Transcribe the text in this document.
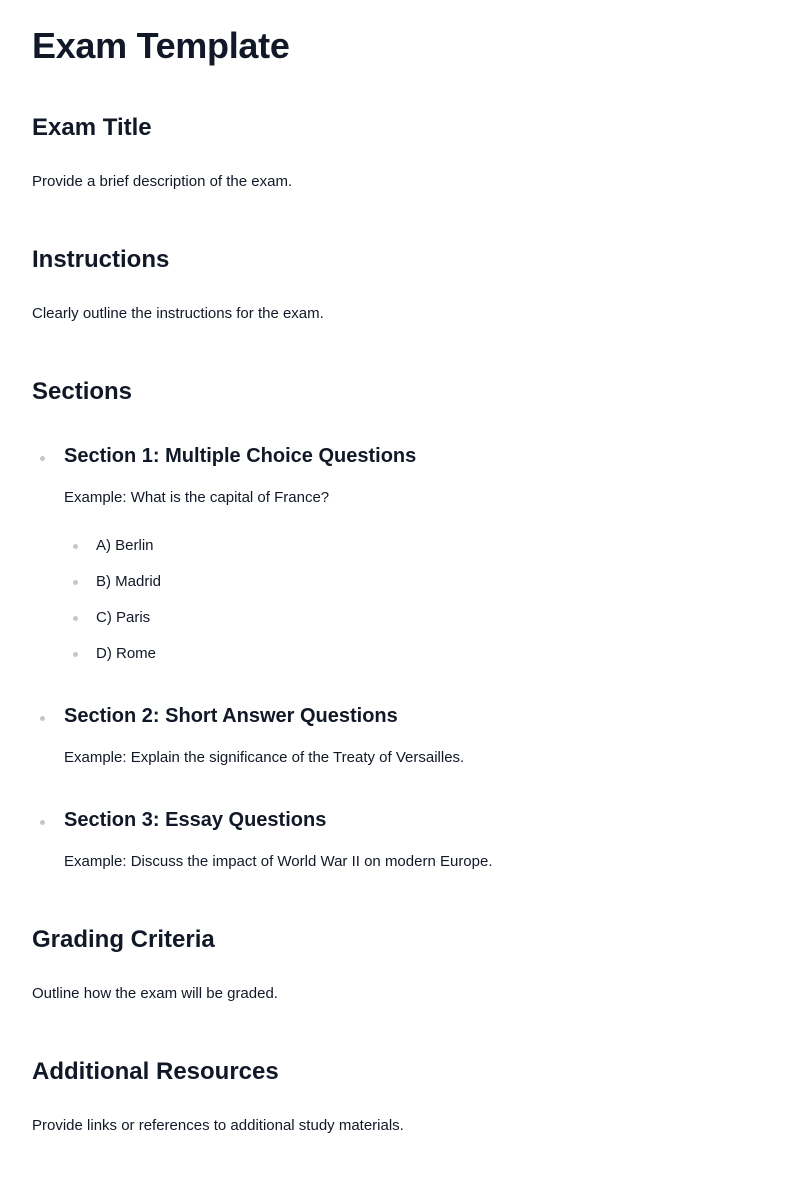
Exam Template
Exam Title

Provide a brief description of the exam.

Instructions

Clearly outline the instructions for the exam.

Sections
Section 1: Multiple Choice Questions

Example: What is the capital of France?

A) Berlin

B) Madrid

C) Paris

D) Rome

Section 2: Short Answer Questions

Example: Explain the significance of the Treaty of Versailles.

Section 3: Essay Questions

Example: Discuss the impact of World War II on modern Europe.

Grading Criteria

Outline how the exam will be graded.

Additional Resources

Provide links or references to additional study materials.
